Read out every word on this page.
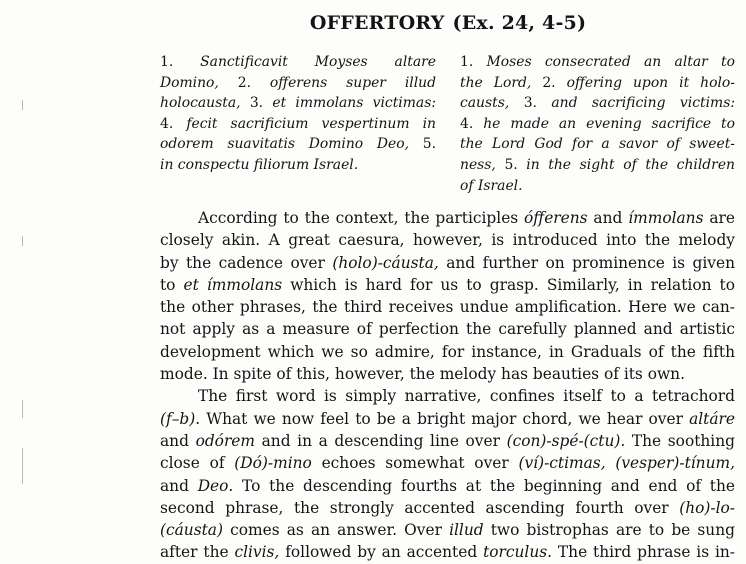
OFFERTORY (Ex. 24, 4-5)
1. Sanctificavit Moyses altare
Domino, 2. offerens super illud
holocausta, 3. et immolans victimas:
4. fecit sacrificium vespertinum in
odorem suavitatis Domino Deo, 5.
in conspectu filiorum Israel.
1. Moses consecrated an altar to
the Lord, 2. offering upon it holo-
causts, 3. and sacrificing victims:
4. he made an evening sacrifice to
the Lord God for a savor of sweet-
ness, 5. in the sight of the children
of Israel.
According to the context, the participles ófferens and ímmolans are
closely akin. A great caesura, however, is introduced into the melody
by the cadence over (holo)-cáusta, and further on prominence is given
to et ímmolans which is hard for us to grasp. Similarly, in relation to
the other phrases, the third receives undue amplification. Here we can-
not apply as a measure of perfection the carefully planned and artistic
development which we so admire, for instance, in Graduals of the fifth
mode. In spite of this, however, the melody has beauties of its own.
The first word is simply narrative, confines itself to a tetrachord
(f–b). What we now feel to be a bright major chord, we hear over altáre
and odórem and in a descending line over (con)-spé-(ctu). The soothing
close of (Dó)-mino echoes somewhat over (ví)-ctimas, (vesper)-tínum,
and Deo. To the descending fourths at the beginning and end of the
second phrase, the strongly accented ascending fourth over (ho)-lo-
(cáusta) comes as an answer. Over illud two bistrophas are to be sung
after the clivis, followed by an accented torculus. The third phrase is in-
